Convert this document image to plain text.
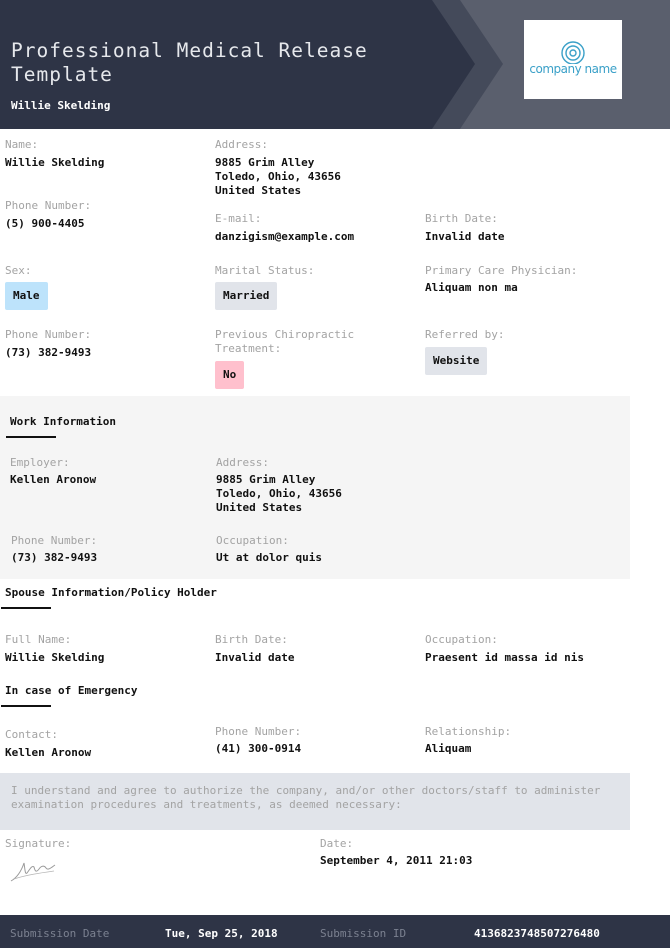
Professional Medical Release Template
Willie Skelding
company name
Name:
Willie Skelding
Address:
9885 Grim Alley
Toledo, Ohio, 43656
United States
Phone Number:
(5) 900-4405	E-mail:
danzigism@example.com
Birth Date:
Invalid date
Sex:
Male
Marital Status:
Married
Primary Care Physician:
Aliquam non ma
Phone Number:
(73) 382-9493
Previous Chiropractic Treatment:
No
Referred by:
Website
Work Information
Employer:
Kellen Aronow
Address:
9885 Grim Alley
Toledo, Ohio, 43656
United States
Phone Number:
(73) 382-9493
Occupation:
Ut at dolor quis
Spouse Information/Policy Holder
Full Name:
Willie Skelding
Birth Date:
Invalid date
Occupation:
Praesent id massa id nis
In case of Emergency
Contact:
Kellen Aronow
Phone Number:
(41) 300-0914
Relationship:
Aliquam
I understand and agree to authorize the company, and/or other doctors/staff to administer examination procedures and treatments, as deemed necessary:
Signature:	Date:
September 4, 2011 21:03
Submission Date	Tue, Sep 25, 2018	Submission ID	4136823748507276480
